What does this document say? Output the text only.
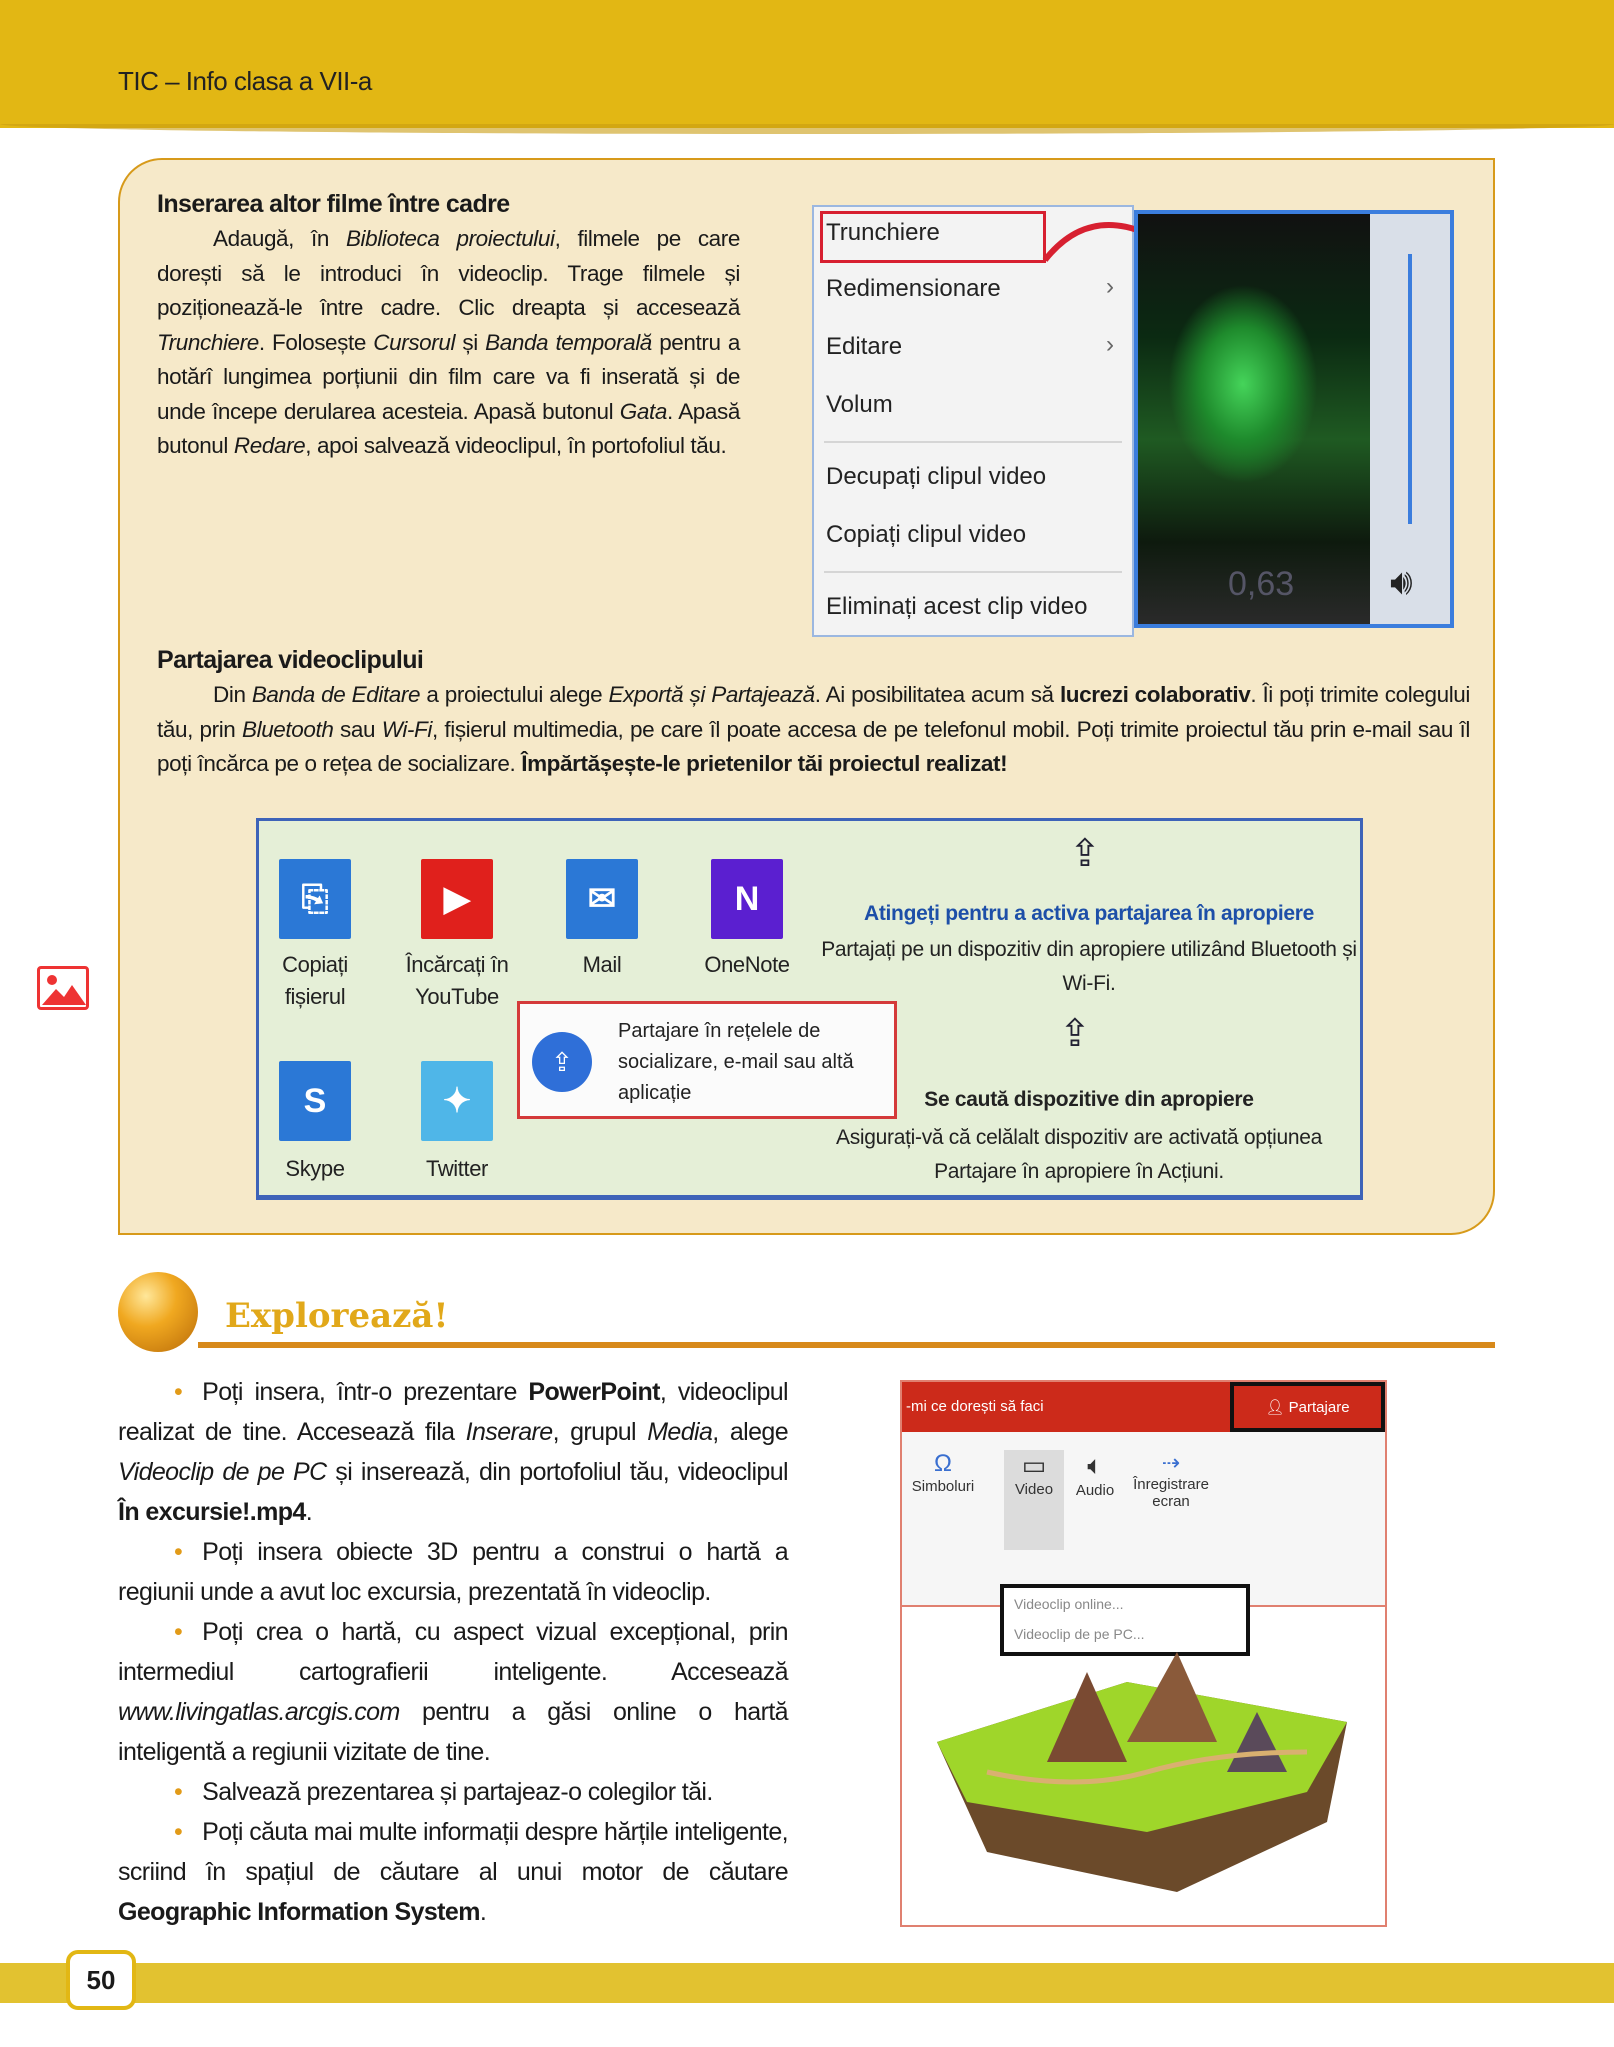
TIC – Info clasa a VII-a
Inserarea altor filme între cadre
Adaugă, în Biblioteca proiectului, filmele pe care dorești să le introduci în videoclip. Trage filmele și poziționează-le între cadre. Clic dreapta și accesează Trunchiere. Folosește Cursorul și Banda temporală pentru a hotărî lungimea porțiunii din film care va fi inserată și de unde începe derularea acesteia. Apasă butonul Gata. Apasă butonul Redare, apoi salvează videoclipul, în portofoliul tău.
Trunchiere
Redimensionare	›
Editare	›
Volum
Decupați clipul video
Copiați clipul video
Eliminați acest clip video
0,63	🔊︎
Partajarea videoclipului
Din Banda de Editare a proiectului alege Exportă și Partajează. Ai posibilitatea acum să lucrezi colaborativ. Îi poți trimite colegului tău, prin Bluetooth sau Wi-Fi, fișierul multimedia, pe care îl poate accesa de pe telefonul mobil. Poți trimite proiectul tău prin e-mail sau îl poți încărca pe o rețea de socializare. Împărtășește-le prietenilor tăi proiectul realizat!
⎘
Copiați fișierul
▶
Încărcați în YouTube
✉
Mail
N
OneNote
S
Skype
✦
Twitter
⇪
Partajare în rețelele de socializare, e-mail sau altă aplicație
⇪
Atingeți pentru a activa partajarea în apropiere
Partajați pe un dispozitiv din apropiere utilizând Bluetooth și Wi-Fi.
⇪
Se caută dispozitive din apropiere
Asigurați-vă că celălalt dispozitiv are activată opțiunea Partajare în apropiere în Acțiuni.
Explorează!

• Poți insera, într-o prezentare PowerPoint, videoclipul realizat de tine. Accesează fila Inserare, grupul Media, alege Videoclip de pe PC și inserează, din portofoliul tău, videoclipul În excursie!.mp4.

• Poți insera obiecte 3D pentru a construi o hartă a regiunii unde a avut loc excursia, prezentată în videoclip.

• Poți crea o hartă, cu aspect vizual excepțional, prin intermediul cartografierii inteligente. Accesează www.livingatlas.arcgis.com pentru a găsi online o hartă inteligentă a regiunii vizitate de tine.

• Salvează prezentarea și partajeaz-o colegilor tăi.

• Poți căuta mai multe informații despre hărțile inteligente, scriind în spațiul de căutare al unui motor de căutare Geographic Information System.

-mi ce dorești să faci	👤︎ Partajare
Ω
Simboluri
▭
Video
🔈︎
Audio
⇢
Înregistrare ecran
Videoclip online...
Videoclip de pe PC...
50
